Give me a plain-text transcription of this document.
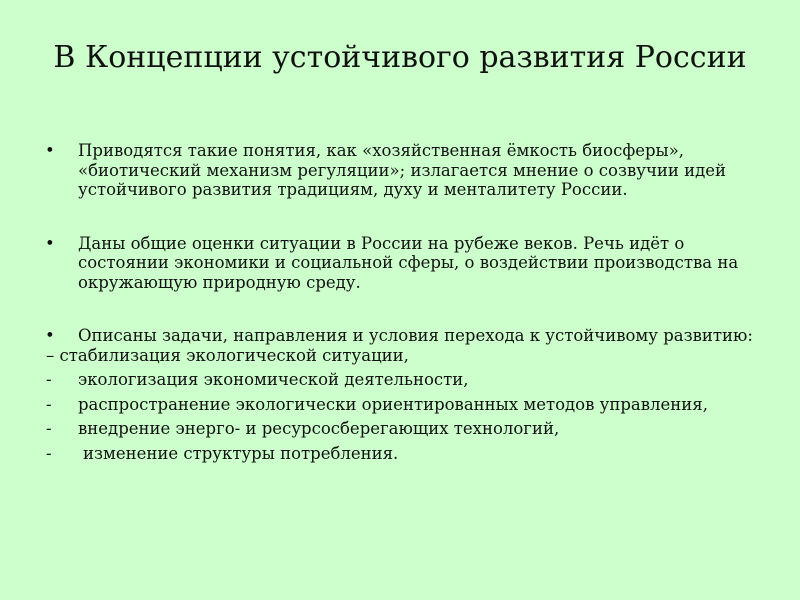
В Концепции устойчивого развития России
• Приводятся такие понятия, как «хозяйственная ёмкость биосферы», «биотический механизм регуляции»; излагается мнение о созвучии идей устойчивого развития традициям, духу и менталитету России.
• Даны общие оценки ситуации в России на рубеже веков. Речь идёт о состоянии экономики и социальной сферы, о воздействии производства на окружающую природную среду.
• Описаны задачи, направления и условия перехода к устойчивому развитию:
– стабилизация экологической ситуации,
- экологизация экономической деятельности,
- распространение экологически ориентированных методов управления,
- внедрение энерго- и ресурсосберегающих технологий,
- изменение структуры потребления.
